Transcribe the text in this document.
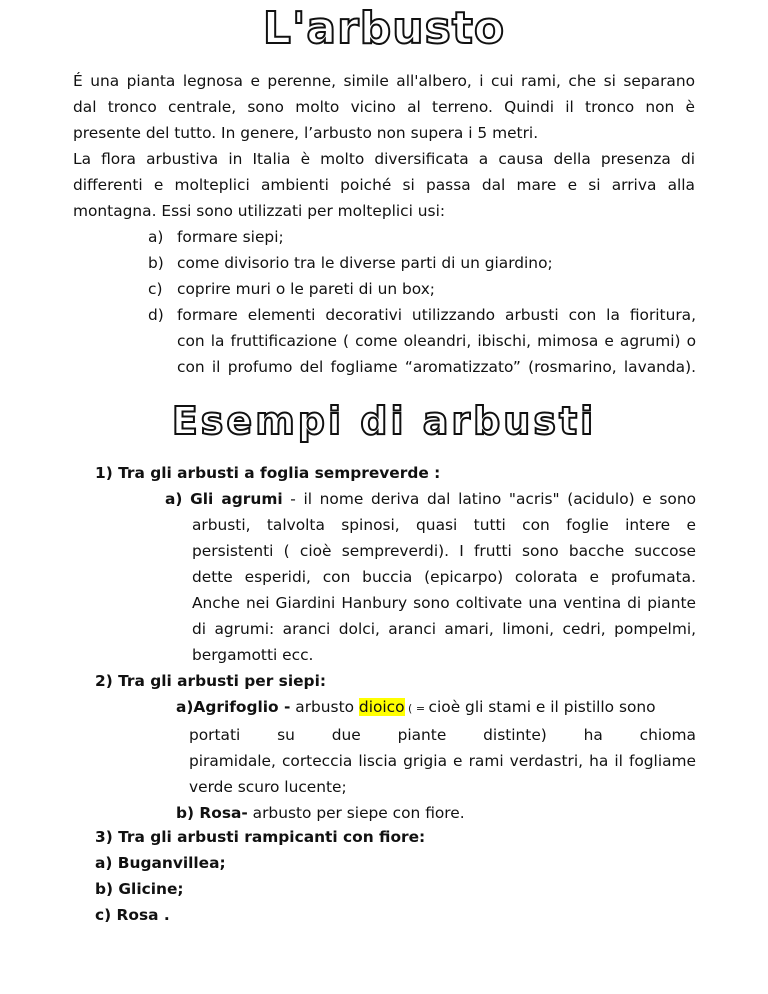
L'arbusto
É una pianta legnosa e perenne, simile all'albero, i cui rami, che si separano
dal tronco centrale, sono molto vicino al terreno. Quindi il tronco non è
presente del tutto. In genere, l’arbusto non supera i 5 metri.
La flora arbustiva in Italia è molto diversificata a causa della presenza di
differenti e molteplici ambienti poiché si passa dal mare e si arriva alla
montagna. Essi sono utilizzati per molteplici usi:
a) formare siepi;
b) come divisorio tra le diverse parti di un giardino;
c) coprire muri o le pareti di un box;
d) formare elementi decorativi utilizzando arbusti con la fioritura,
con la fruttificazione ( come oleandri, ibischi, mimosa e agrumi) o
con il profumo del fogliame “aromatizzato” (rosmarino, lavanda).
Esempi di arbusti
1) Tra gli arbusti a foglia sempreverde :
a) Gli agrumi - il nome deriva dal latino "acris" (acidulo) e sono
arbusti, talvolta spinosi, quasi tutti con foglie intere e
persistenti ( cioè sempreverdi). I frutti sono bacche succose
dette esperidi, con buccia (epicarpo) colorata e profumata.
Anche nei Giardini Hanbury sono coltivate una ventina di piante
di agrumi: aranci dolci, aranci amari, limoni, cedri, pompelmi,
bergamotti ecc.
2) Tra gli arbusti per siepi:
a)Agrifoglio - arbusto dioico ( = cioè gli stami e il pistillo sono
portati su due piante distinte) ha chioma
piramidale, corteccia liscia grigia e rami verdastri, ha il fogliame
verde scuro lucente;
b) Rosa- arbusto per siepe con fiore.
3) Tra gli arbusti rampicanti con fiore:
a) Buganvillea;
b) Glicine;
c) Rosa .
